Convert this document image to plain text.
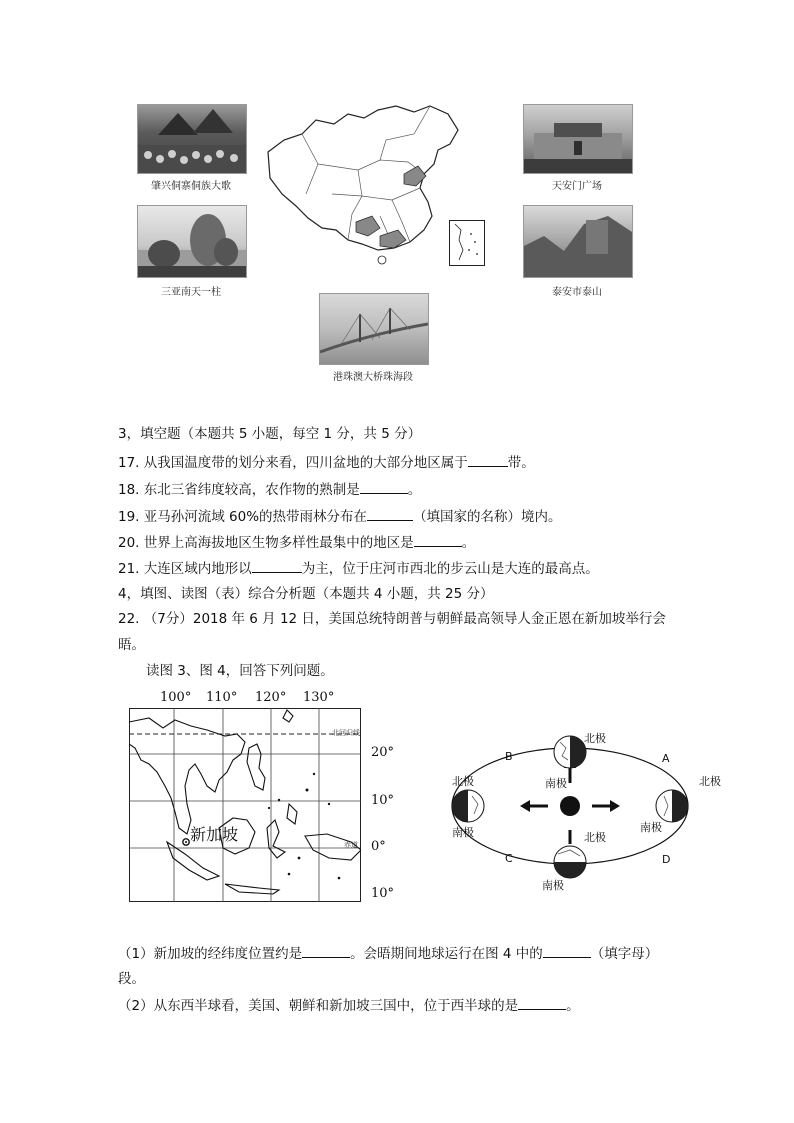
肇兴侗寨侗族大歌
三亚南天一柱
港珠澳大桥珠海段
天安门广场
泰安市泰山
3，填空题（本题共 5 小题，每空 1 分，共 5 分）
17. 从我国温度带的划分来看，四川盆地的大部分地区属于	带。
18. 东北三省纬度较高，农作物的熟制是	。
19. 亚马孙河流域 60%的热带雨林分布在	（填国家的名称）境内。
20. 世界上高海拔地区生物多样性最集中的地区是	。
21. 大连区域内地形以	为主，位于庄河市西北的步云山是大连的最高点。
4，填图、读图（表）综合分析题（本题共 4 小题，共 25 分）
22. （7分）2018 年 6 月 12 日，美国总统特朗普与朝鲜最高领导人金正恩在新加坡举行会
晤。
读图 3、图 4，回答下列问题。
100° 110° 120° 130°
北回归线
赤道
新加坡
20°
10°
0°
10°
B	A
C	D
北极
南极
北极
南极
北极
南极
北极
南极
（1）新加坡的经纬度位置约是	。会晤期间地球运行在图 4 中的	（填字母）
段。
（2）从东西半球看，美国、朝鲜和新加坡三国中，位于西半球的是	。
